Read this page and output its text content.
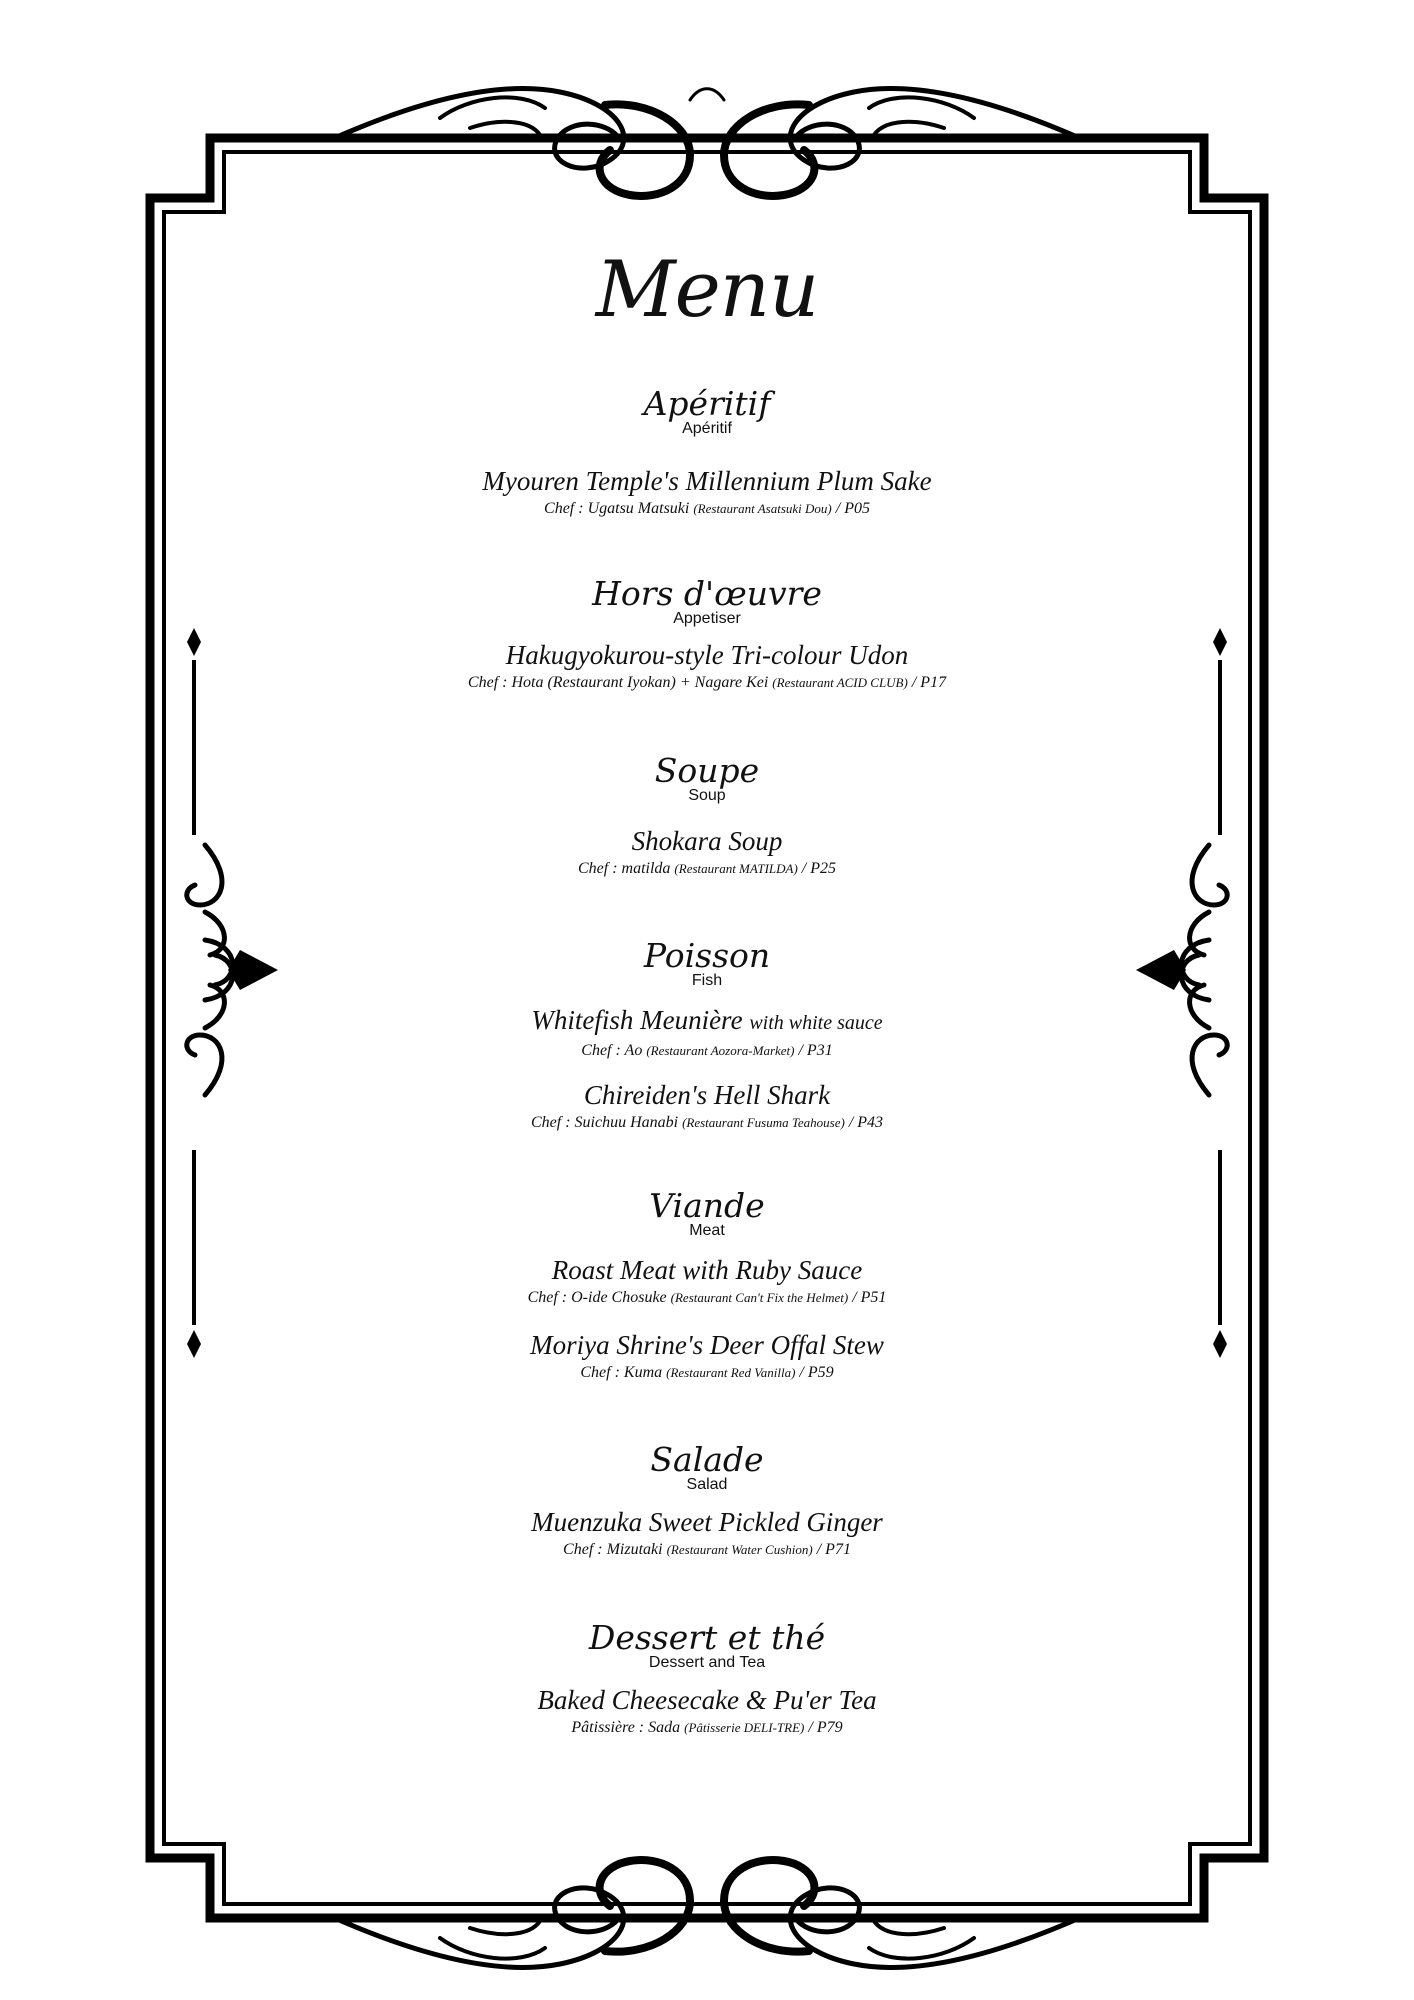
Menu
Apéritif
Apéritif
Myouren Temple's Millennium Plum Sake
Chef : Ugatsu Matsuki (Restaurant Asatsuki Dou) / P05
Hors d'œuvre
Appetiser
Hakugyokurou-style Tri-colour Udon
Chef : Hota (Restaurant Iyokan) + Nagare Kei (Restaurant ACID CLUB) / P17
Soupe
Soup
Shokara Soup
Chef : matilda (Restaurant MATILDA) / P25
Poisson
Fish
Whitefish Meunière with white sauce
Chef : Ao (Restaurant Aozora-Market) / P31
Chireiden's Hell Shark
Chef : Suichuu Hanabi (Restaurant Fusuma Teahouse) / P43
Viande
Meat
Roast Meat with Ruby Sauce
Chef : O-ide Chosuke (Restaurant Can't Fix the Helmet) / P51
Moriya Shrine's Deer Offal Stew
Chef : Kuma (Restaurant Red Vanilla) / P59
Salade
Salad
Muenzuka Sweet Pickled Ginger
Chef : Mizutaki (Restaurant Water Cushion) / P71
Dessert et thé
Dessert and Tea
Baked Cheesecake & Pu'er Tea
Pâtissière : Sada (Pâtisserie DELI-TRE) / P79
